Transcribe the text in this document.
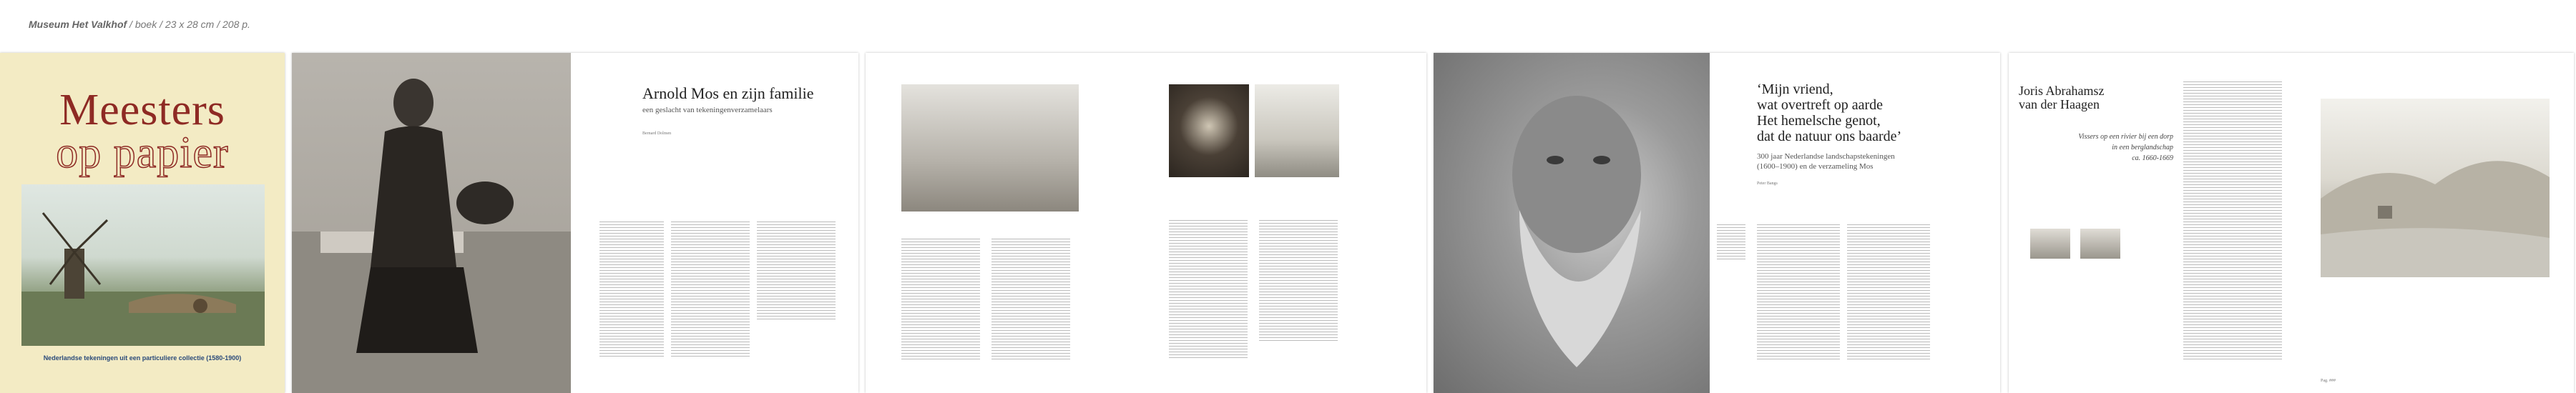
Museum Het Valkhof / boek / 23 x 28 cm / 208 p.
Meesters
op papier
Nederlandse tekeningen uit een particuliere collectie (1580-1900)
Arnold Mos en zijn familie
een geslacht van tekeningenverzamelaars
Bernard Dolmen
‘Mijn vriend,
wat overtreft op aarde
Het hemelsche genot,
dat de natuur ons baarde’
300 jaar Nederlandse landschapstekeningen
(1600–1900) en de verzameling Mos
Peter Bangs
Joris Abrahamsz
van der Haagen
Vissers op een rivier bij een dorp
in een berglandschap
ca. 1660-1669
Pag. ###
